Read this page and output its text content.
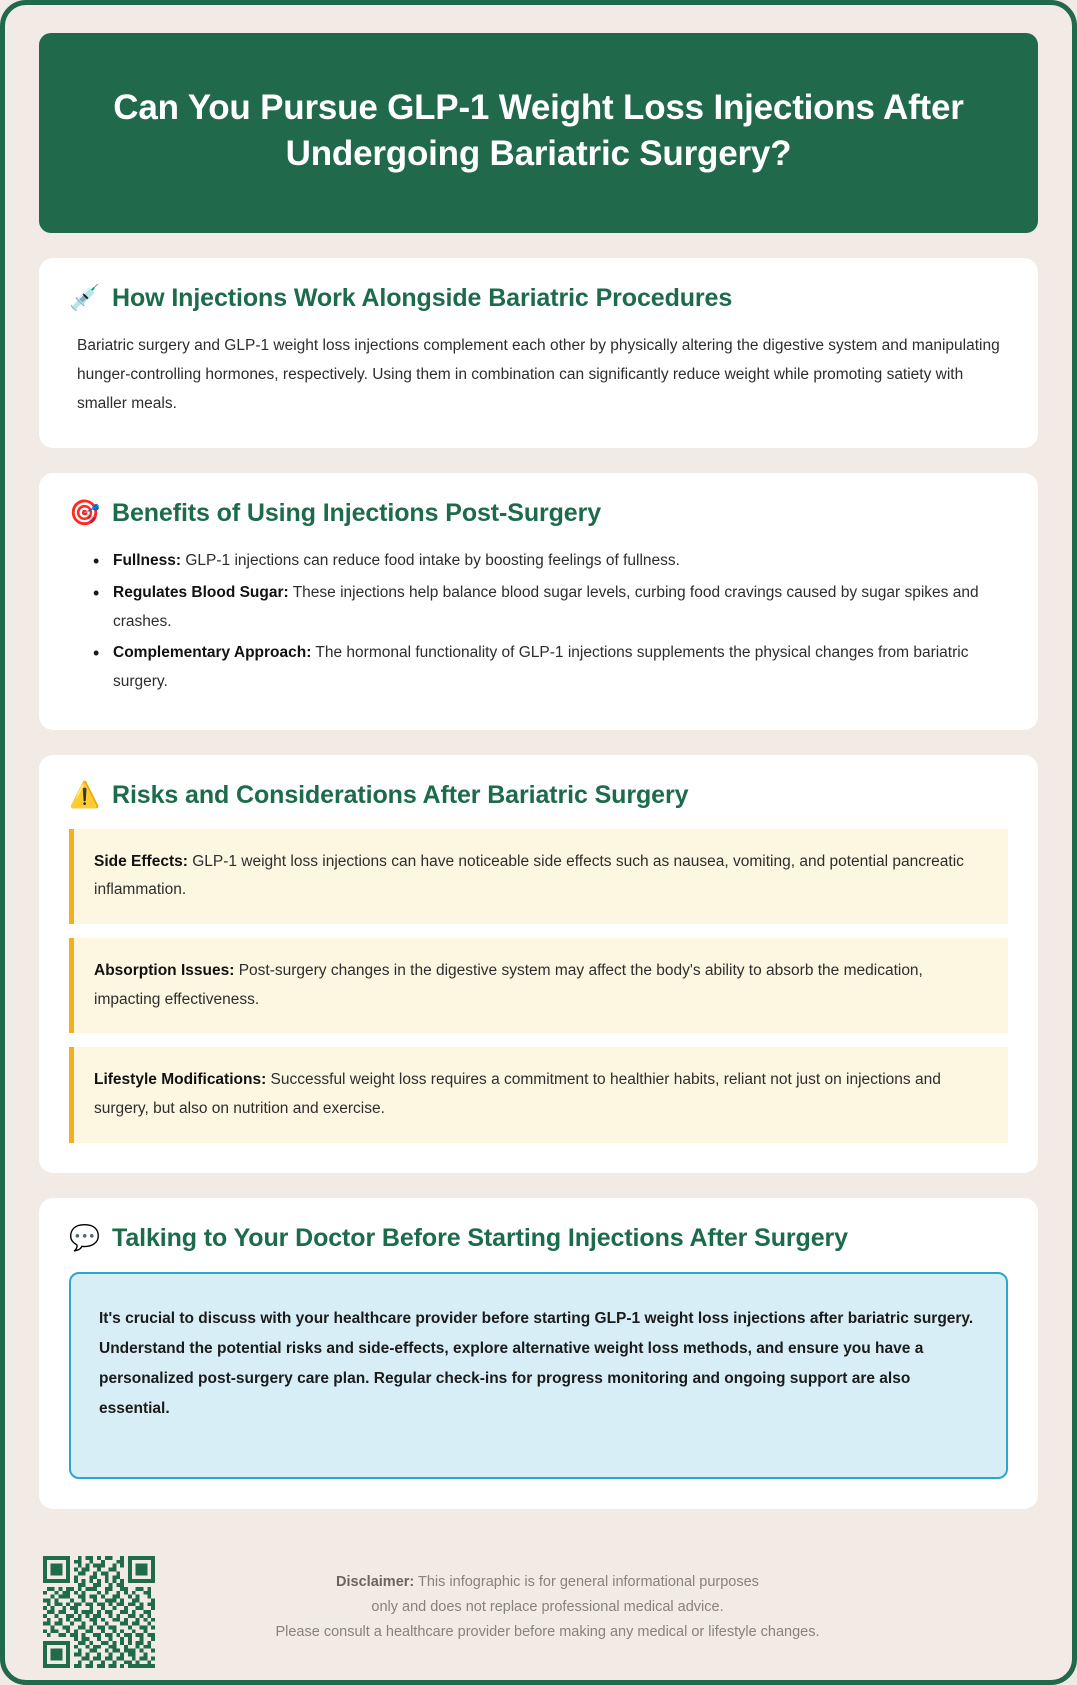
Can You Pursue GLP-1 Weight Loss Injections After Undergoing Bariatric Surgery?
💉 How Injections Work Alongside Bariatric Procedures
Bariatric surgery and GLP-1 weight loss injections complement each other by physically altering the digestive system and manipulating hunger-controlling hormones, respectively. Using them in combination can significantly reduce weight while promoting satiety with smaller meals.
🎯 Benefits of Using Injections Post-Surgery
• Fullness: GLP-1 injections can reduce food intake by boosting feelings of fullness.
• Regulates Blood Sugar: These injections help balance blood sugar levels, curbing food cravings caused by sugar spikes and crashes.
• Complementary Approach: The hormonal functionality of GLP-1 injections supplements the physical changes from bariatric surgery.
⚠️ Risks and Considerations After Bariatric Surgery
Side Effects: GLP-1 weight loss injections can have noticeable side effects such as nausea, vomiting, and potential pancreatic inflammation.
Absorption Issues: Post-surgery changes in the digestive system may affect the body's ability to absorb the medication, impacting effectiveness.
Lifestyle Modifications: Successful weight loss requires a commitment to healthier habits, reliant not just on injections and surgery, but also on nutrition and exercise.
💬 Talking to Your Doctor Before Starting Injections After Surgery
It's crucial to discuss with your healthcare provider before starting GLP-1 weight loss injections after bariatric surgery. Understand the potential risks and side-effects, explore alternative weight loss methods, and ensure you have a personalized post-surgery care plan. Regular check-ins for progress monitoring and ongoing support are also essential.
Disclaimer: This infographic is for general informational purposes
only and does not replace professional medical advice.
Please consult a healthcare provider before making any medical or lifestyle changes.
